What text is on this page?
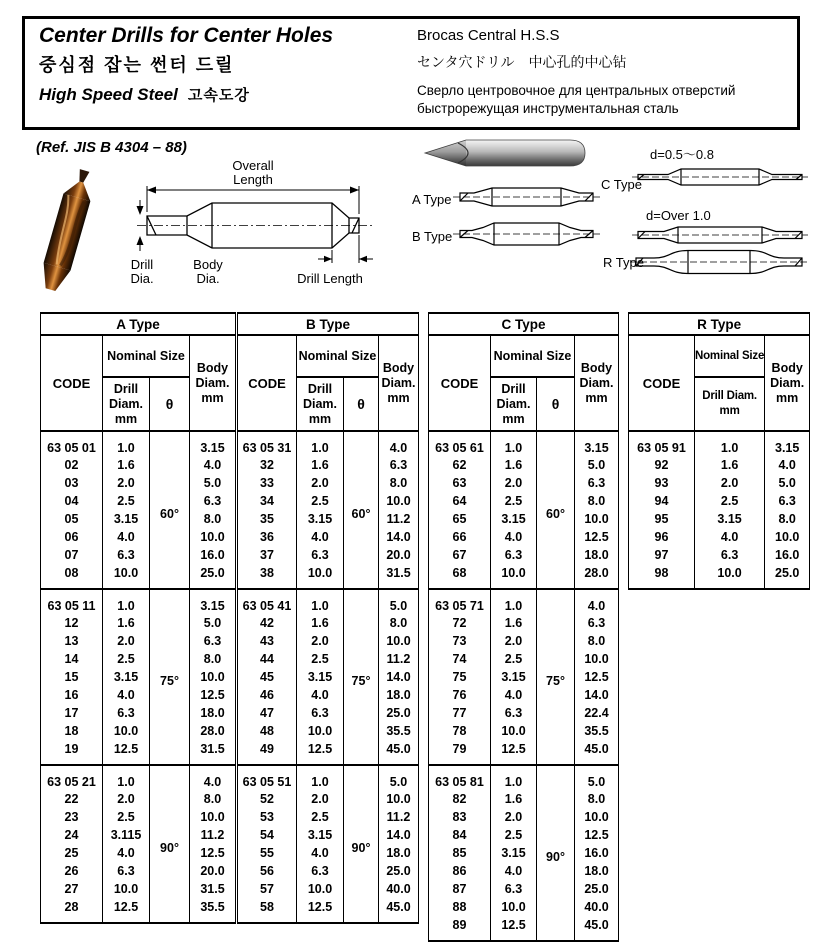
Center Drills for Center Holes
중심점 잡는 썬터 드릴
High Speed Steel 고속도강
Brocas Central H.S.S
センタ穴ドリル　中心孔的中心钻
Сверло центровочное для центральных отверстий
быстрорежущая инструментальная сталь
(Ref. JIS B 4304 – 88)
Overall
Length
Drill
Dia.
Body
Dia.	Drill Length
A Type
B Type
d=0.5～0.8
C Type
d=Over 1.0
R Type
A Type			
CODE	Nominal Size		Body
Diam.
mm

	Drill
Diam.
mm	θ	
63 05 01	1.0	60°	3.15
02	1.6		4.0
03	2.0		5.0
04	2.5		6.3
05	3.15		8.0
06	4.0		10.0
07	6.3		16.0
08	10.0		25.0
63 05 11	1.0	75°	3.15
12	1.6		5.0
13	2.0		6.3
14	2.5		8.0
15	3.15		10.0
16	4.0		12.5
17	6.3		18.0
18	10.0		28.0
19	12.5		31.5
63 05 21	1.0	90°	4.0
22	2.0		8.0
23	2.5		10.0
24	3.115		11.2
25	4.0		12.5
26	6.3		20.0
27	10.0		31.5
28	12.5		35.5
B Type			
CODE	Nominal Size		Body
Diam.
mm

	Drill
Diam.
mm	θ	
63 05 31	1.0	60°	4.0
32	1.6		6.3
33	2.0		8.0
34	2.5		10.0
35	3.15		11.2
36	4.0		14.0
37	6.3		20.0
38	10.0		31.5
63 05 41	1.0	75°	5.0
42	1.6		8.0
43	2.0		10.0
44	2.5		11.2
45	3.15		14.0
46	4.0		18.0
47	6.3		25.0
48	10.0		35.5
49	12.5		45.0
63 05 51	1.0	90°	5.0
52	2.0		10.0
53	2.5		11.2
54	3.15		14.0
55	4.0		18.0
56	6.3		25.0
57	10.0		40.0
58	12.5		45.0
C Type			
CODE	Nominal Size		Body
Diam.
mm

	Drill
Diam.
mm	θ	
63 05 61	1.0	60°	3.15
62	1.6		5.0
63	2.0		6.3
64	2.5		8.0
65	3.15		10.0
66	4.0		12.5
67	6.3		18.0
68	10.0		28.0
63 05 71	1.0	75°	4.0
72	1.6		6.3
73	2.0		8.0
74	2.5		10.0
75	3.15		12.5
76	4.0		14.0
77	6.3		22.4
78	10.0		35.5
79	12.5		45.0
63 05 81	1.0	90°	5.0
82	1.6		8.0
83	2.0		10.0
84	2.5		12.5
85	3.15		16.0
86	4.0		18.0
87	6.3		25.0
88	10.0		40.0
89	12.5		45.0
R Type		
CODE	Nominal Size	Body
Diam.
mm

	Drill Diam.
mm	

63 05 91	1.0	3.15
92	1.6	4.0
93	2.0	5.0
94	2.5	6.3
95	3.15	8.0
96	4.0	10.0
97	6.3	16.0
98	10.0	25.0
